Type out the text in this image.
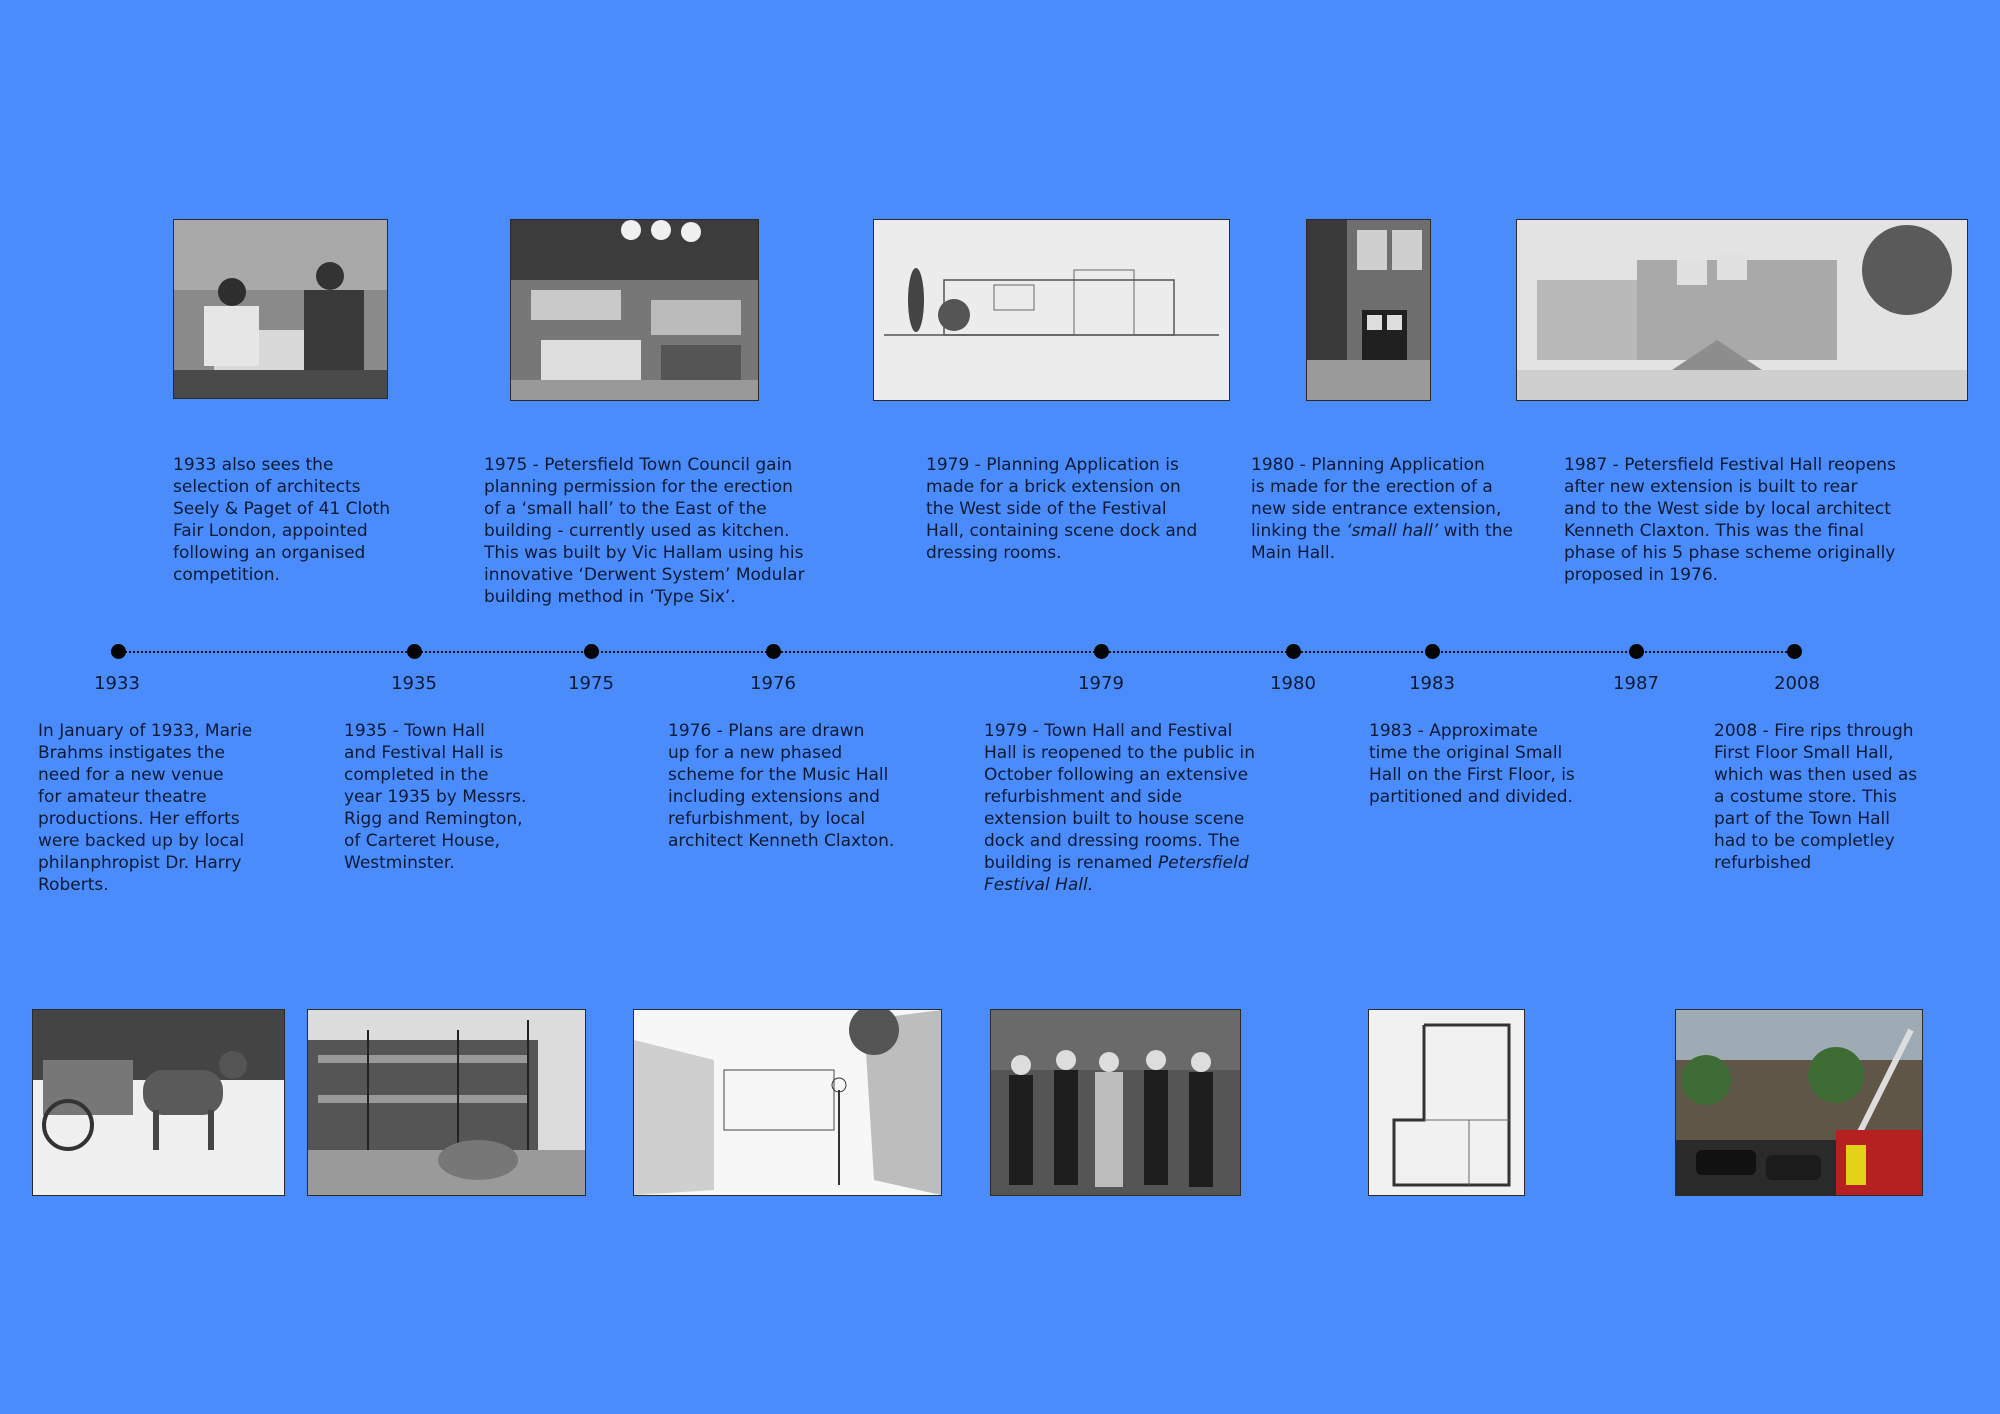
1933 also sees the
selection of architects
Seely & Paget of 41 Cloth
Fair London, appointed
following an organised
competition.

1975 - Petersfield Town Council gain
planning permission for the erection
of a ‘small hall’ to the East of the
building - currently used as kitchen.
This was built by Vic Hallam using his
innovative ‘Derwent System’ Modular
building method in ‘Type Six’.

1979 - Planning Application is
made for a brick extension on
the West side of the Festival
Hall, containing scene dock and
dressing rooms.

1980 - Planning Application
is made for the erection of a
new side entrance extension,
linking the ‘small hall’ with the
Main Hall.

1987 - Petersfield Festival Hall reopens
after new extension is built to rear
and to the West side by local architect
Kenneth Claxton. This was the final
phase of his 5 phase scheme originally
proposed in 1976.

1933	1935	1975	1976	1979	1980	1983	1987	2008

In January of 1933, Marie
Brahms instigates the
need for a new venue
for amateur theatre
productions. Her efforts
were backed up by local
philanphropist Dr. Harry
Roberts.

1935 - Town Hall
and Festival Hall is
completed in the
year 1935 by Messrs.
Rigg and Remington,
of Carteret House,
Westminster.

1976 - Plans are drawn
up for a new phased
scheme for the Music Hall
including extensions and
refurbishment, by local
architect Kenneth Claxton.

1979 - Town Hall and Festival
Hall is reopened to the public in
October following an extensive
refurbishment and side
extension built to house scene
dock and dressing rooms. The
building is renamed Petersfield
Festival Hall.

1983 - Approximate
time the original Small
Hall on the First Floor, is
partitioned and divided.

2008 - Fire rips through
First Floor Small Hall,
which was then used as
a costume store. This
part of the Town Hall
had to be completley
refurbished
